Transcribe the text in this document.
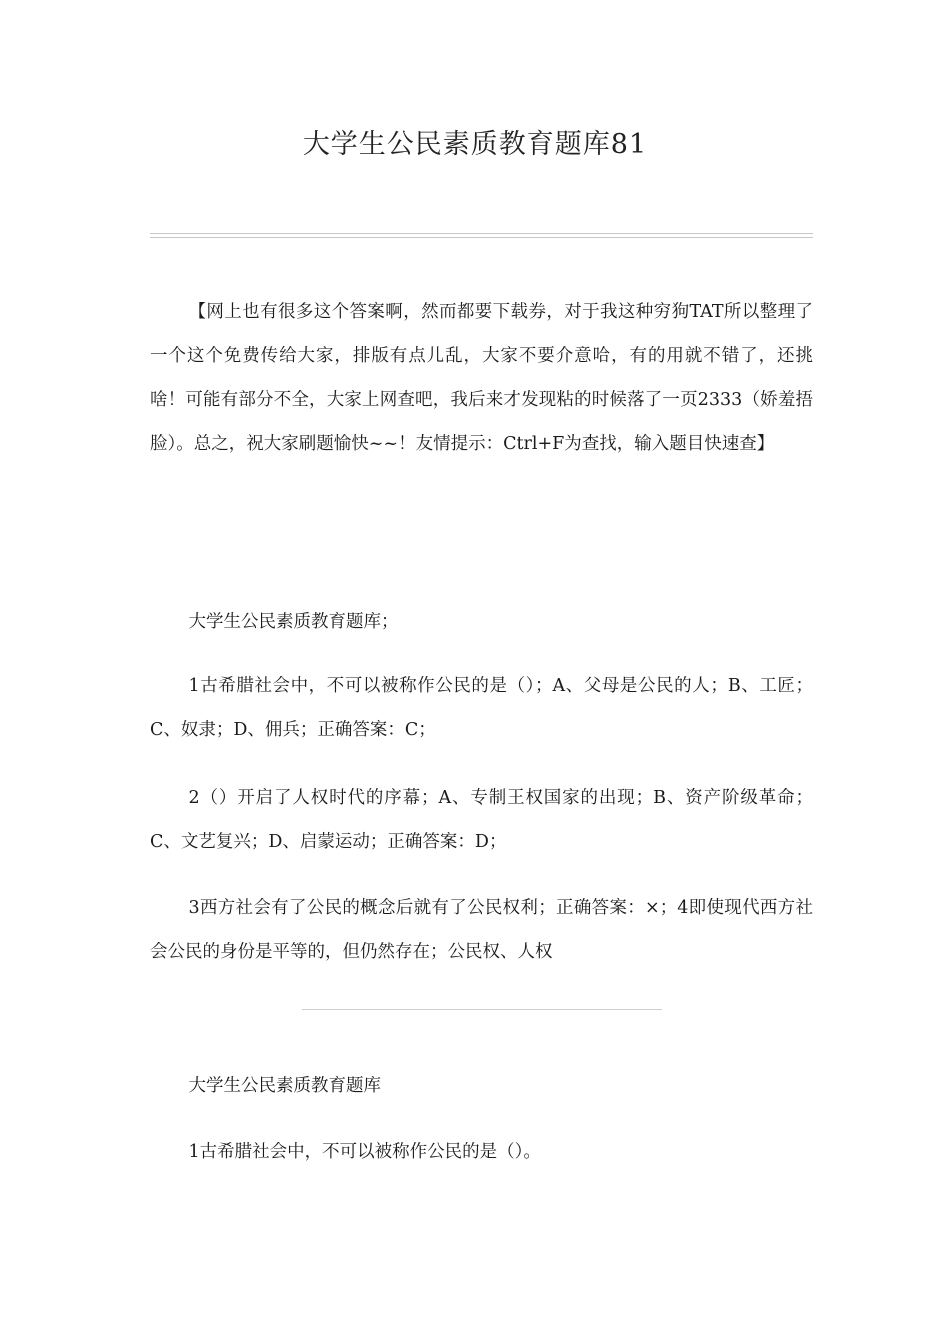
大学生公民素质教育题库81

【网上也有很多这个答案啊，然而都要下载券，对于我这种穷狗TAT所以整理了一个这个免费传给大家，排版有点儿乱，大家不要介意哈，有的用就不错了，还挑啥！可能有部分不全，大家上网查吧，我后来才发现粘的时候落了一页2333（娇羞捂脸）。总之，祝大家刷题愉快~~！友情提示：Ctrl+F为查找，输入题目快速查】

大学生公民素质教育题库；

1古希腊社会中，不可以被称作公民的是（）；A、父母是公民的人；B、工匠；C、奴隶；D、佣兵；正确答案：C；

2（）开启了人权时代的序幕；A、专制王权国家的出现；B、资产阶级革命；C、文艺复兴；D、启蒙运动；正确答案：D；

3西方社会有了公民的概念后就有了公民权利；正确答案：×；4即使现代西方社会公民的身份是平等的，但仍然存在；公民权、人权

大学生公民素质教育题库

1古希腊社会中，不可以被称作公民的是（）。
